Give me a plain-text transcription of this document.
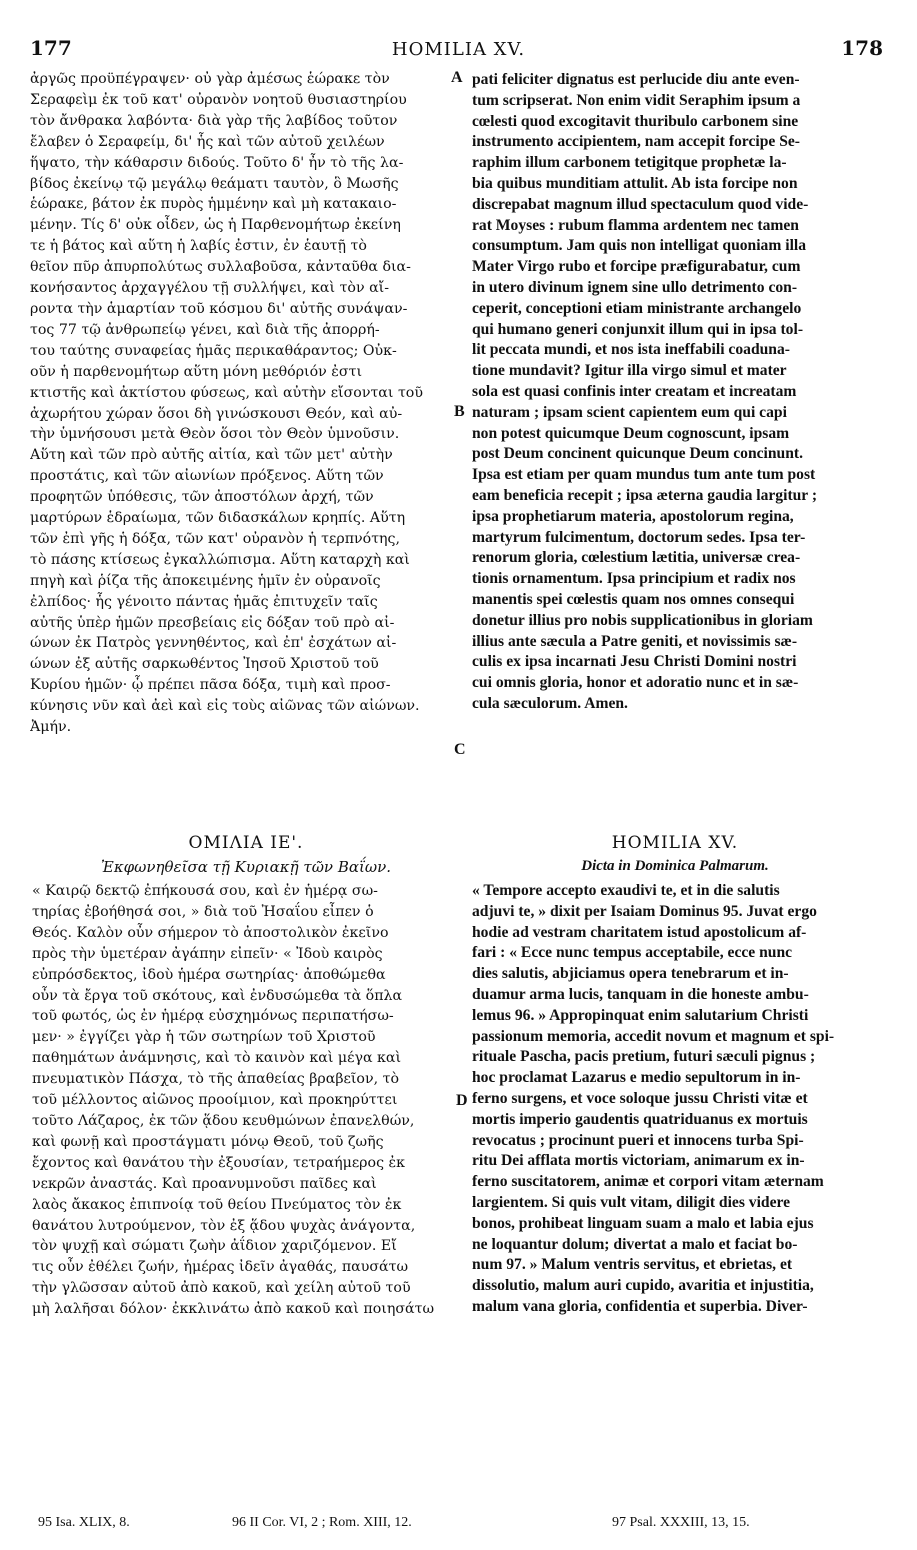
HOMILIA XV.
177	178
ἀργῶς προϋπέγραψεν· οὐ γὰρ ἀμέσως ἑώρακε τὸν
Σεραφεὶμ ἐκ τοῦ κατ' οὐρανὸν νοητοῦ θυσιαστηρίου
τὸν ἄνθρακα λαβόντα· διὰ γὰρ τῆς λαβίδος τοῦτον
ἔλαβεν ὁ Σεραφείμ, δι' ἧς καὶ τῶν αὐτοῦ χειλέων
ἥψατο, τὴν κάθαρσιν διδούς. Τοῦτο δ' ἦν τὸ τῆς λα-
βίδος ἐκείνῳ τῷ μεγάλῳ θεάματι ταυτὸν, ὃ Μωσῆς
ἑώρακε, βάτον ἐκ πυρὸς ἡμμένην καὶ μὴ κατακαιο-
μένην. Τίς δ' οὐκ οἶδεν, ὡς ἡ Παρθενομήτωρ ἐκείνη
τε ἡ βάτος καὶ αὕτη ἡ λαβίς ἐστιν, ἐν ἑαυτῇ τὸ
θεῖον πῦρ ἀπυρπολύτως συλλαβοῦσα, κἀνταῦθα δια-
κονήσαντος ἀρχαγγέλου τῇ συλλήψει, καὶ τὸν αἴ-
ροντα τὴν ἁμαρτίαν τοῦ κόσμου δι' αὐτῆς συνάψαν-
τος 77 τῷ ἀνθρωπείῳ γένει, καὶ διὰ τῆς ἀπορρή-
του ταύτης συναφείας ἡμᾶς περικαθάραντος; Οὐκ-
οῦν ἡ παρθενομήτωρ αὕτη μόνη μεθόριόν ἐστι
κτιστῆς καὶ ἀκτίστου φύσεως, καὶ αὐτὴν εἴσονται τοῦ
ἀχωρήτου χώραν ὅσοι δὴ γινώσκουσι Θεόν, καὶ αὐ-
τὴν ὑμνήσουσι μετὰ Θεὸν ὅσοι τὸν Θεὸν ὑμνοῦσιν.
Αὕτη καὶ τῶν πρὸ αὐτῆς αἰτία, καὶ τῶν μετ' αὐτὴν
προστάτις, καὶ τῶν αἰωνίων πρόξενος. Αὕτη τῶν
προφητῶν ὑπόθεσις, τῶν ἀποστόλων ἀρχή, τῶν
μαρτύρων ἑδραίωμα, τῶν διδασκάλων κρηπίς. Αὕτη
τῶν ἐπὶ γῆς ἡ δόξα, τῶν κατ' οὐρανὸν ἡ τερπνότης,
τὸ πάσης κτίσεως ἐγκαλλώπισμα. Αὕτη καταρχὴ καὶ
πηγὴ καὶ ῥίζα τῆς ἀποκειμένης ἡμῖν ἐν οὐρανοῖς
ἐλπίδος· ἧς γένοιτο πάντας ἡμᾶς ἐπιτυχεῖν ταῖς
αὐτῆς ὑπὲρ ἡμῶν πρεσβείαις εἰς δόξαν τοῦ πρὸ αἰ-
ώνων ἐκ Πατρὸς γεννηθέντος, καὶ ἐπ' ἐσχάτων αἰ-
ώνων ἐξ αὐτῆς σαρκωθέντος Ἰησοῦ Χριστοῦ τοῦ
Κυρίου ἡμῶν· ᾧ πρέπει πᾶσα δόξα, τιμὴ καὶ προσ-
κύνησις νῦν καὶ ἀεὶ καὶ εἰς τοὺς αἰῶνας τῶν αἰώνων.
Ἀμήν.
pati feliciter dignatus est perlucide diu ante even-
tum scripserat. Non enim vidit Seraphim ipsum a
cœlesti quod excogitavit thuribulo carbonem sine
instrumento accipientem, nam accepit forcipe Se-
raphim illum carbonem tetigitque prophetæ la-
bia quibus munditiam attulit. Ab ista forcipe non
discrepabat magnum illud spectaculum quod vide-
rat Moyses : rubum flamma ardentem nec tamen
consumptum. Jam quis non intelligat quoniam illa
Mater Virgo rubo et forcipe præfigurabatur, cum
in utero divinum ignem sine ullo detrimento con-
ceperit, conceptioni etiam ministrante archangelo
qui humano generi conjunxit illum qui in ipsa tol-
lit peccata mundi, et nos ista ineffabili coaduna-
tione mundavit? Igitur illa virgo simul et mater
sola est quasi confinis inter creatam et increatam
naturam ; ipsam scient capientem eum qui capi
non potest quicumque Deum cognoscunt, ipsam
post Deum concinent quicunque Deum concinunt.
Ipsa est etiam per quam mundus tum ante tum post
eam beneficia recepit ; ipsa æterna gaudia largitur ;
ipsa prophetiarum materia, apostolorum regina,
martyrum fulcimentum, doctorum sedes. Ipsa ter-
renorum gloria, cœlestium lætitia, universæ crea-
tionis ornamentum. Ipsa principium et radix nos
manentis spei cœlestis quam nos omnes consequi
donetur illius pro nobis supplicationibus in gloriam
illius ante sæcula a Patre geniti, et novissimis sæ-
culis ex ipsa incarnati Jesu Christi Domini nostri
cui omnis gloria, honor et adoratio nunc et in sæ-
cula sæculorum. Amen.
A
B
C
D
ΟΜΙΛΙΑ ΙΕ'.
Ἐκφωνηθεῖσα τῇ Κυριακῇ τῶν Βαΐων.
HOMILIA XV.
Dicta in Dominica Palmarum.
« Καιρῷ δεκτῷ ἐπήκουσά σου, καὶ ἐν ἡμέρᾳ σω-
τηρίας ἐβοήθησά σοι, » διὰ τοῦ Ἠσαΐου εἶπεν ὁ
Θεός. Καλὸν οὖν σήμερον τὸ ἀποστολικὸν ἐκεῖνο
πρὸς τὴν ὑμετέραν ἀγάπην εἰπεῖν· « Ἰδοὺ καιρὸς
εὐπρόσδεκτος, ἰδοὺ ἡμέρα σωτηρίας· ἀποθώμεθα
οὖν τὰ ἔργα τοῦ σκότους, καὶ ἐνδυσώμεθα τὰ ὅπλα
τοῦ φωτός, ὡς ἐν ἡμέρᾳ εὐσχημόνως περιπατήσω-
μεν· » ἐγγίζει γὰρ ἡ τῶν σωτηρίων τοῦ Χριστοῦ
παθημάτων ἀνάμνησις, καὶ τὸ καινὸν καὶ μέγα καὶ
πνευματικὸν Πάσχα, τὸ τῆς ἀπαθείας βραβεῖον, τὸ
τοῦ μέλλοντος αἰῶνος προοίμιον, καὶ προκηρύττει
τοῦτο Λάζαρος, ἐκ τῶν ᾅδου κευθμώνων ἐπανελθών,
καὶ φωνῇ καὶ προστάγματι μόνῳ Θεοῦ, τοῦ ζωῆς
ἔχοντος καὶ θανάτου τὴν ἐξουσίαν, τετραήμερος ἐκ
νεκρῶν ἀναστάς. Καὶ προανυμνοῦσι παῖδες καὶ
λαὸς ἄκακος ἐπιπνοίᾳ τοῦ θείου Πνεύματος τὸν ἐκ
θανάτου λυτρούμενον, τὸν ἐξ ᾅδου ψυχὰς ἀνάγοντα,
τὸν ψυχῇ καὶ σώματι ζωὴν ἀΐδιον χαριζόμενον. Εἴ
τις οὖν ἐθέλει ζωήν, ἡμέρας ἰδεῖν ἀγαθάς, παυσάτω
τὴν γλῶσσαν αὐτοῦ ἀπὸ κακοῦ, καὶ χείλη αὐτοῦ τοῦ
μὴ λαλῆσαι δόλον· ἐκκλινάτω ἀπὸ κακοῦ καὶ ποιησάτω
« Tempore accepto exaudivi te, et in die salutis
adjuvi te, » dixit per Isaiam Dominus 95. Juvat ergo
hodie ad vestram charitatem istud apostolicum af-
fari : « Ecce nunc tempus acceptabile, ecce nunc
dies salutis, abjiciamus opera tenebrarum et in-
duamur arma lucis, tanquam in die honeste ambu-
lemus 96. » Appropinquat enim salutarium Christi
passionum memoria, accedit novum et magnum et spi-
rituale Pascha, pacis pretium, futuri sæculi pignus ;
hoc proclamat Lazarus e medio sepultorum in in-
ferno surgens, et voce soloque jussu Christi vitæ et
mortis imperio gaudentis quatriduanus ex mortuis
revocatus ; procinunt pueri et innocens turba Spi-
ritu Dei afflata mortis victoriam, animarum ex in-
ferno suscitatorem, animæ et corpori vitam æternam
largientem. Si quis vult vitam, diligit dies videre
bonos, prohibeat linguam suam a malo et labia ejus
ne loquantur dolum; divertat a malo et faciat bo-
num 97. » Malum ventris servitus, et ebrietas, et
dissolutio, malum auri cupido, avaritia et injustitia,
malum vana gloria, confidentia et superbia. Diver-
95 Isa. XLIX, 8.	96 II Cor. VI, 2 ; Rom. XIII, 12.	97 Psal. XXXIII, 13, 15.
